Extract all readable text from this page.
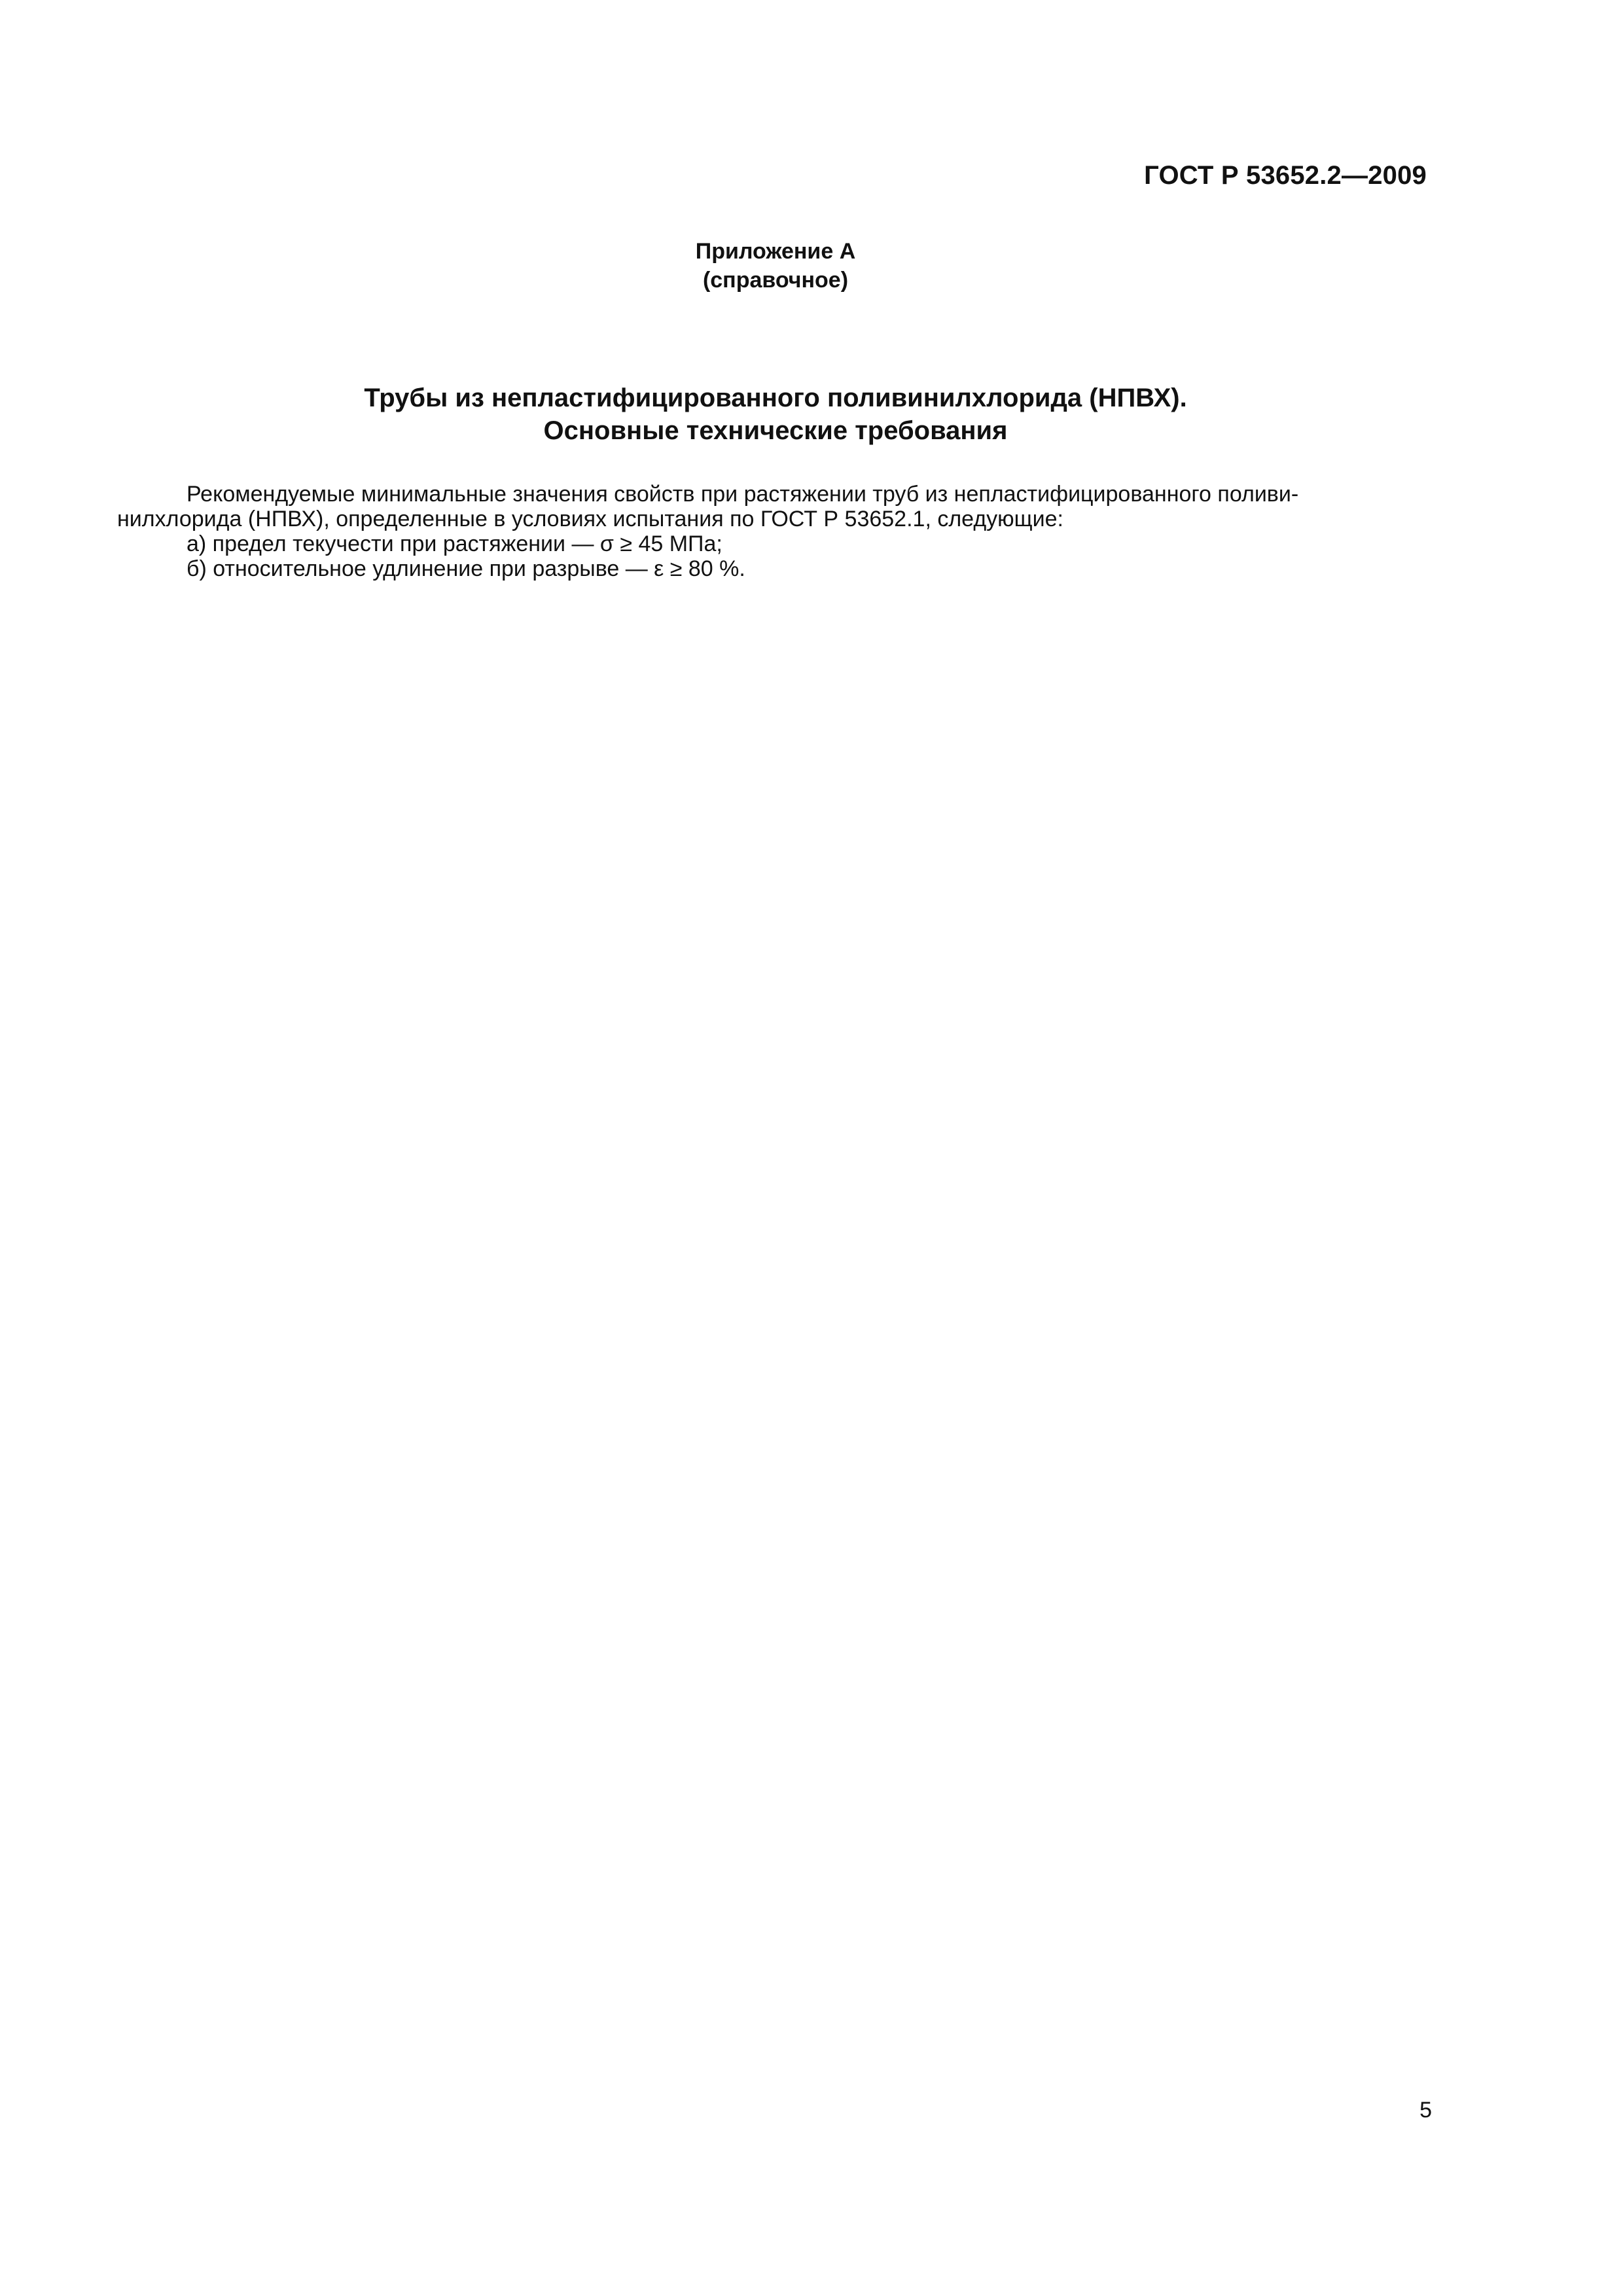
ГОСТ Р 53652.2—2009
Приложение А
(справочное)
Трубы из непластифицированного поливинилхлорида (НПВХ).
Основные технические требования

Рекомендуемые минимальные значения свойств при растяжении труб из непластифицированного поливи-

нилхлорида (НПВХ), определенные в условиях испытания по ГОСТ Р 53652.1, следующие:

а) предел текучести при растяжении — σ ≥ 45 МПа;

б) относительное удлинение при разрыве — ε ≥ 80 %.

5
